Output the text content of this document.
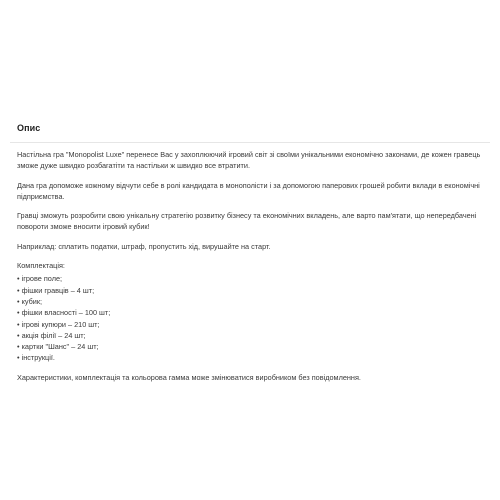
Опис

Настільна гра "Monopolist Luxe" перенесе Вас у захоплюючий ігровий світ зі своїми унікальними економічно законами, де кожен гравець зможе дуже швидко розбагатіти та настільки ж швидко все втратити.

Дана гра допоможе кожному відчути себе в ролі кандидата в монополісти і за допомогою паперових грошей робити вклади в економічні підприємства.

Гравці зможуть розробити свою унікальну стратегію розвитку бізнесу та економічних вкладень, але варто пам'ятати, що непередбачені повороти зможе вносити ігровий кубик!

Наприклад: сплатить податки, штраф, пропустить хід, вирушайте на старт.

Комплектація:

• ігрове поле;
• фішки гравців – 4 шт;
• кубик;
• фішки власності – 100 шт;
• ігрові купюри – 210 шт;
• акція філії – 24 шт;
• картки "Шанс" – 24 шт;
• інструкції.

Характеристики, комплектація та кольорова гамма може змінюватися виробником без повідомлення.
